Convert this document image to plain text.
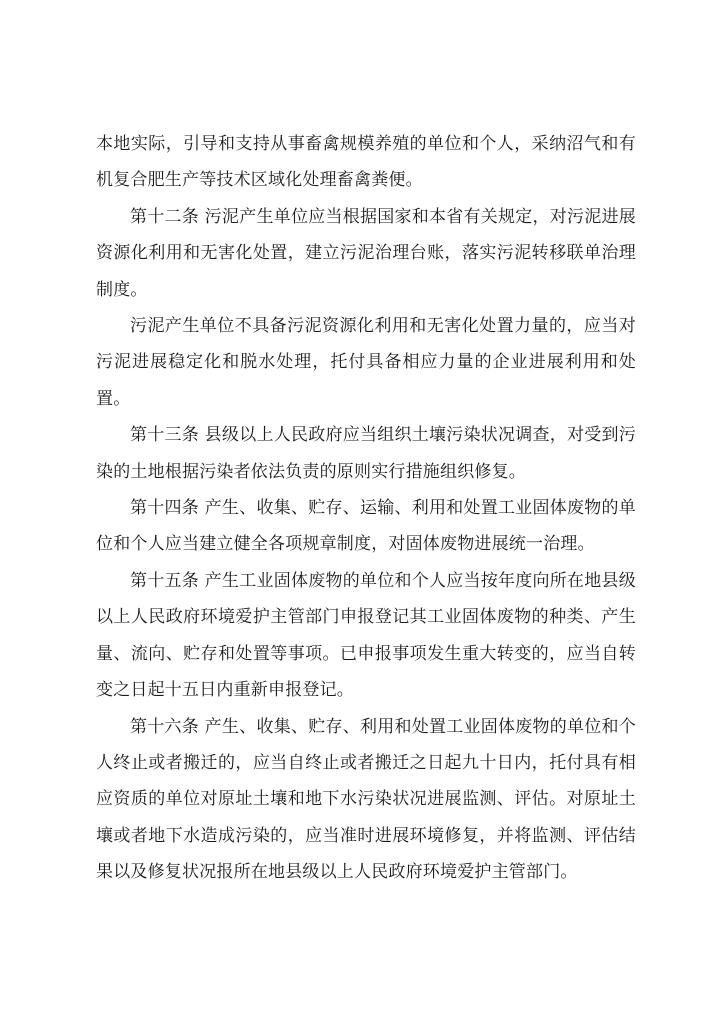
本地实际，引导和支持从事畜禽规模养殖的单位和个人，采纳沼气和有机复合肥生产等技术区域化处理畜禽粪便。

第十二条 污泥产生单位应当根据国家和本省有关规定，对污泥进展资源化利用和无害化处置，建立污泥治理台账，落实污泥转移联单治理制度。

污泥产生单位不具备污泥资源化利用和无害化处置力量的，应当对污泥进展稳定化和脱水处理，托付具备相应力量的企业进展利用和处置。

第十三条 县级以上人民政府应当组织土壤污染状况调查，对受到污染的土地根据污染者依法负责的原则实行措施组织修复。

第十四条 产生、收集、贮存、运输、利用和处置工业固体废物的单位和个人应当建立健全各项规章制度，对固体废物进展统一治理。

第十五条 产生工业固体废物的单位和个人应当按年度向所在地县级以上人民政府环境爱护主管部门申报登记其工业固体废物的种类、产生量、流向、贮存和处置等事项。已申报事项发生重大转变的，应当自转变之日起十五日内重新申报登记。

第十六条 产生、收集、贮存、利用和处置工业固体废物的单位和个人终止或者搬迁的，应当自终止或者搬迁之日起九十日内，托付具有相应资质的单位对原址土壤和地下水污染状况进展监测、评估。对原址土壤或者地下水造成污染的，应当准时进展环境修复，并将监测、评估结果以及修复状况报所在地县级以上人民政府环境爱护主管部门。
